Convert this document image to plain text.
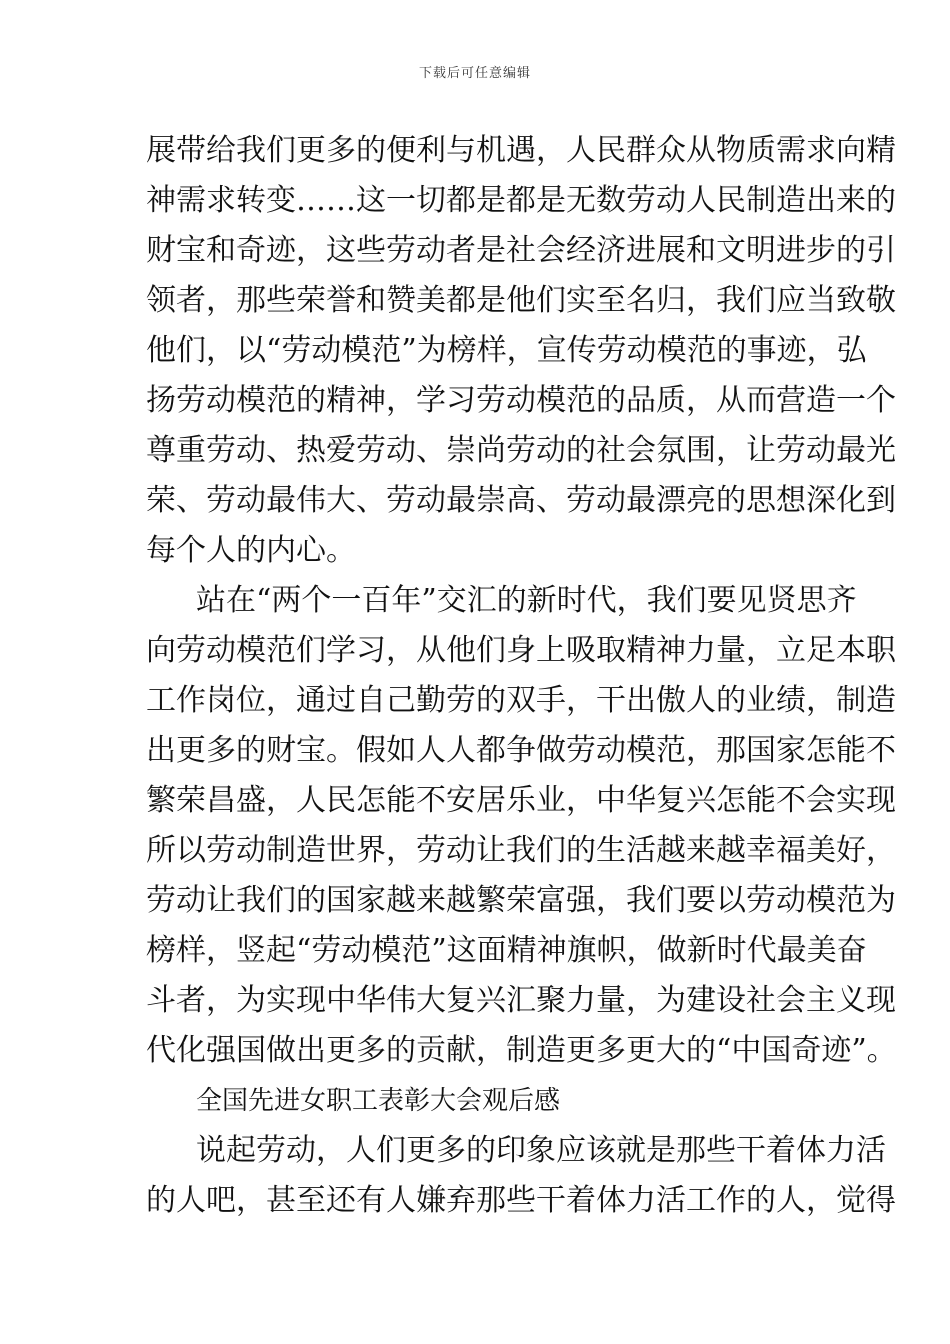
下载后可任意编辑
展带给我们更多的便利与机遇，人民群众从物质需求向精
神需求转变……这一切都是都是无数劳动人民制造出来的
财宝和奇迹，这些劳动者是社会经济进展和文明进步的引
领者，那些荣誉和赞美都是他们实至名归，我们应当致敬
他们，以“劳动模范”为榜样，宣传劳动模范的事迹，弘
扬劳动模范的精神，学习劳动模范的品质，从而营造一个
尊重劳动、热爱劳动、崇尚劳动的社会氛围，让劳动最光
荣、劳动最伟大、劳动最崇高、劳动最漂亮的思想深化到
每个人的内心。
站在“两个一百年”交汇的新时代，我们要见贤思齐
向劳动模范们学习，从他们身上吸取精神力量，立足本职
工作岗位，通过自己勤劳的双手，干出傲人的业绩，制造
出更多的财宝。假如人人都争做劳动模范，那国家怎能不
繁荣昌盛，人民怎能不安居乐业，中华复兴怎能不会实现
所以劳动制造世界，劳动让我们的生活越来越幸福美好，
劳动让我们的国家越来越繁荣富强，我们要以劳动模范为
榜样，竖起“劳动模范”这面精神旗帜，做新时代最美奋
斗者，为实现中华伟大复兴汇聚力量，为建设社会主义现
代化强国做出更多的贡献，制造更多更大的“中国奇迹”。
全国先进女职工表彰大会观后感
说起劳动，人们更多的印象应该就是那些干着体力活
的人吧，甚至还有人嫌弃那些干着体力活工作的人，觉得
